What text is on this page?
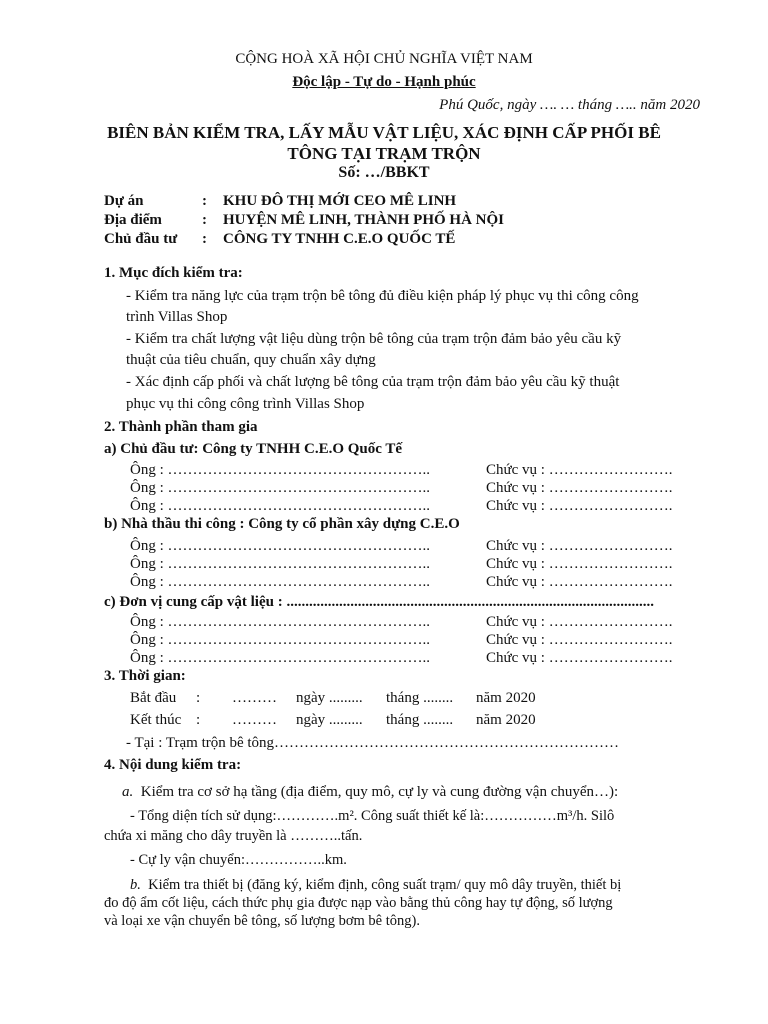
CỘNG HOÀ XÃ HỘI CHỦ NGHĨA VIỆT NAM
Độc lập - Tự do - Hạnh phúc
Phú Quốc, ngày …. … tháng ….. năm 2020
BIÊN BẢN KIỂM TRA, LẤY MẪU VẬT LIỆU, XÁC ĐỊNH CẤP PHỐI BÊ
TÔNG TẠI TRẠM TRỘN
Số: …/BBKT
Dự án	: KHU ĐÔ THỊ MỚI CEO MÊ LINH
Địa điểm	: HUYỆN MÊ LINH, THÀNH PHỐ HÀ NỘI
Chủ đầu tư : CÔNG TY TNHH C.E.O QUỐC TẾ
1. Mục đích kiểm tra:
- Kiểm tra năng lực của trạm trộn bê tông đủ điều kiện pháp lý phục vụ thi công công
trình Villas Shop
- Kiểm tra chất lượng vật liệu dùng trộn bê tông của trạm trộn đảm bảo yêu cầu kỹ
thuật của tiêu chuẩn, quy chuẩn xây dựng
- Xác định cấp phối và chất lượng bê tông của trạm trộn đảm bảo yêu cầu kỹ thuật
phục vụ thi công công trình Villas Shop
2. Thành phần tham gia
a) Chủ đầu tư: Công ty TNHH C.E.O Quốc Tế
Ông : ……………………………………………..	Chức vụ : …………………….
Ông : ……………………………………………..	Chức vụ : …………………….
Ông : ……………………………………………..	Chức vụ : …………………….
b) Nhà thầu thi công : Công ty cổ phần xây dựng C.E.O
Ông : ……………………………………………..	Chức vụ : …………………….
Ông : ……………………………………………..	Chức vụ : …………………….
Ông : ……………………………………………..	Chức vụ : …………………….
c) Đơn vị cung cấp vật liệu : ..................................................................................................
Ông : ……………………………………………..	Chức vụ : …………………….
Ông : ……………………………………………..	Chức vụ : …………………….
Ông : ……………………………………………..	Chức vụ : …………………….
3. Thời gian:
Bắt đầu : ……… ngày ......... tháng ........ năm 2020
Kết thúc : ……… ngày ......... tháng ........ năm 2020
- Tại : Trạm trộn bê tông……………………………………………………………
4. Nội dung kiểm tra:
a. Kiểm tra cơ sở hạ tầng (địa điểm, quy mô, cự ly và cung đường vận chuyển…):
- Tổng diện tích sử dụng:………….m². Công suất thiết kế là:……………m³/h. Silô
chứa xi măng cho dây truyền là ………..tấn.
- Cự ly vận chuyển:……………..km.
b. Kiểm tra thiết bị (đăng ký, kiểm định, công suất trạm/ quy mô dây truyền, thiết bị
đo độ ẩm cốt liệu, cách thức phụ gia được nạp vào bằng thủ công hay tự động, số lượng
và loại xe vận chuyển bê tông, số lượng bơm bê tông).
